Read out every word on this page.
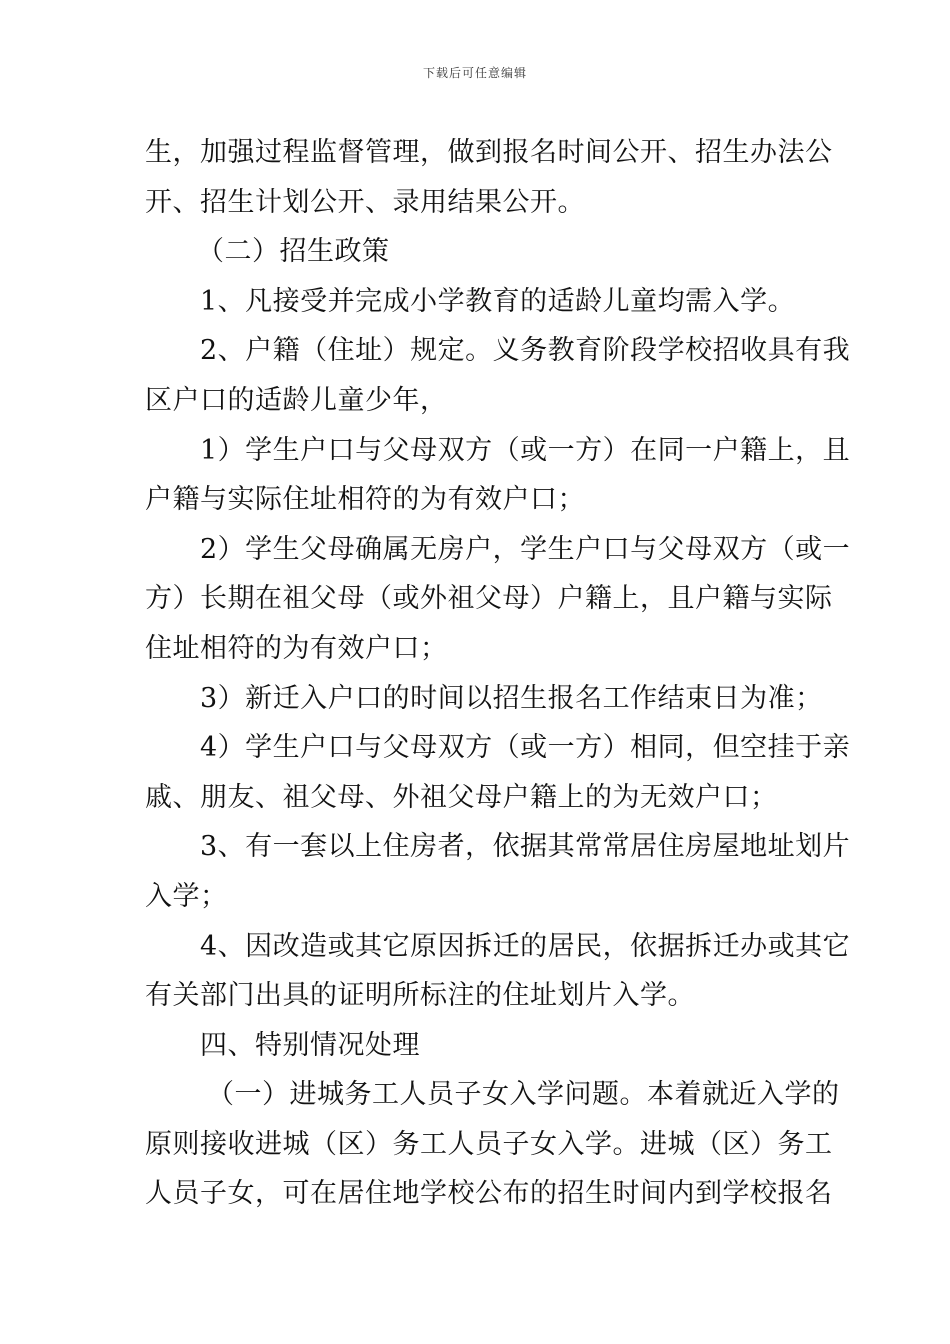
下载后可任意编辑
生，加强过程监督管理，做到报名时间公开、招生办法公
开、招生计划公开、录用结果公开。
（二）招生政策
1、凡接受并完成小学教育的适龄儿童均需入学。
2、户籍（住址）规定。义务教育阶段学校招收具有我
区户口的适龄儿童少年，
1）学生户口与父母双方（或一方）在同一户籍上，且
户籍与实际住址相符的为有效户口；
2）学生父母确属无房户，学生户口与父母双方（或一
方）长期在祖父母（或外祖父母）户籍上，且户籍与实际
住址相符的为有效户口；
3）新迁入户口的时间以招生报名工作结束日为准；
4）学生户口与父母双方（或一方）相同，但空挂于亲
戚、朋友、祖父母、外祖父母户籍上的为无效户口；
3、有一套以上住房者，依据其常常居住房屋地址划片
入学；
4、因改造或其它原因拆迁的居民，依据拆迁办或其它
有关部门出具的证明所标注的住址划片入学。
四、特别情况处理
（一）进城务工人员子女入学问题。本着就近入学的
原则接收进城（区）务工人员子女入学。进城（区）务工
人员子女，可在居住地学校公布的招生时间内到学校报名
